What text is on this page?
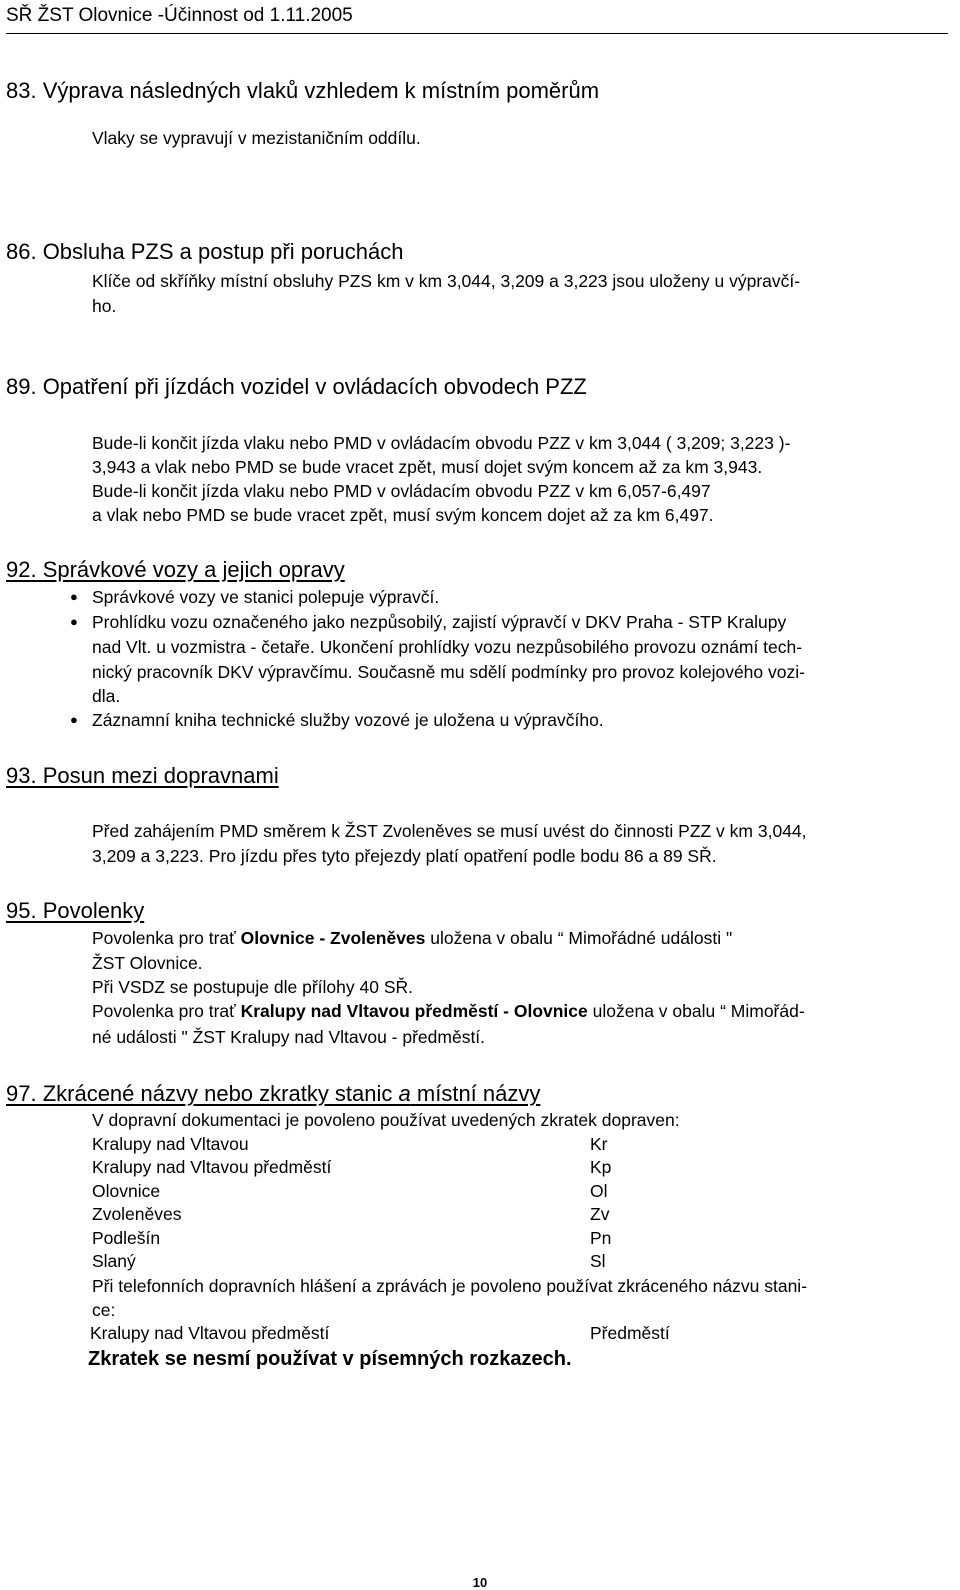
SŘ ŽST Olovnice -Účinnost od 1.11.2005
83. Výprava následných vlaků vzhledem k místním poměrům
Vlaky se vypravují v mezistaničním oddílu.
86. Obsluha PZS a postup při poruchách
Klíče od skříňky místní obsluhy PZS km v km 3,044, 3,209 a 3,223 jsou uloženy u výpravčí-
ho.
89. Opatření při jízdách vozidel v ovládacích obvodech PZZ
Bude-li končit jízda vlaku nebo PMD v ovládacím obvodu PZZ v km 3,044 ( 3,209; 3,223 )-
3,943 a vlak nebo PMD se bude vracet zpět, musí dojet svým koncem až za km 3,943.
Bude-li končit jízda vlaku nebo PMD v ovládacím obvodu PZZ v km 6,057-6,497
a vlak nebo PMD se bude vracet zpět, musí svým koncem dojet až za km 6,497.
92. Správkové vozy a jejich opravy
● Správkové vozy ve stanici polepuje výpravčí.
● Prohlídku vozu označeného jako nezpůsobilý, zajistí výpravčí v DKV Praha - STP Kralupy
nad Vlt. u vozmistra - četaře. Ukončení prohlídky vozu nezpůsobilého provozu oznámí tech-
nický pracovník DKV výpravčímu. Současně mu sdělí podmínky pro provoz kolejového vozi-
dla.
● Záznamní kniha technické služby vozové je uložena u výpravčího.
93. Posun mezi dopravnami
Před zahájením PMD směrem k ŽST Zvoleněves se musí uvést do činnosti PZZ v km 3,044,
3,209 a 3,223. Pro jízdu přes tyto přejezdy platí opatření podle bodu 86 a 89 SŘ.
95. Povolenky
Povolenka pro trať Olovnice - Zvoleněves uložena v obalu “ Mimořádné události "
ŽST Olovnice.
Při VSDZ se postupuje dle přílohy 40 SŘ.
Povolenka pro trať Kralupy nad Vltavou předměstí - Olovnice uložena v obalu “ Mimořád-
né události " ŽST Kralupy nad Vltavou - předměstí.
97. Zkrácené názvy nebo zkratky stanic a místní názvy
V dopravní dokumentaci je povoleno používat uvedených zkratek dopraven:
Kralupy nad Vltavou	Kr
Kralupy nad Vltavou předměstí	Kp
Olovnice	Ol
Zvoleněves	Zv
Podlešín	Pn
Slaný	Sl
Při telefonních dopravních hlášení a zprávách je povoleno používat zkráceného názvu stani-
ce:
Kralupy nad Vltavou předměstí	Předměstí
Zkratek se nesmí používat v písemných rozkazech.
10
